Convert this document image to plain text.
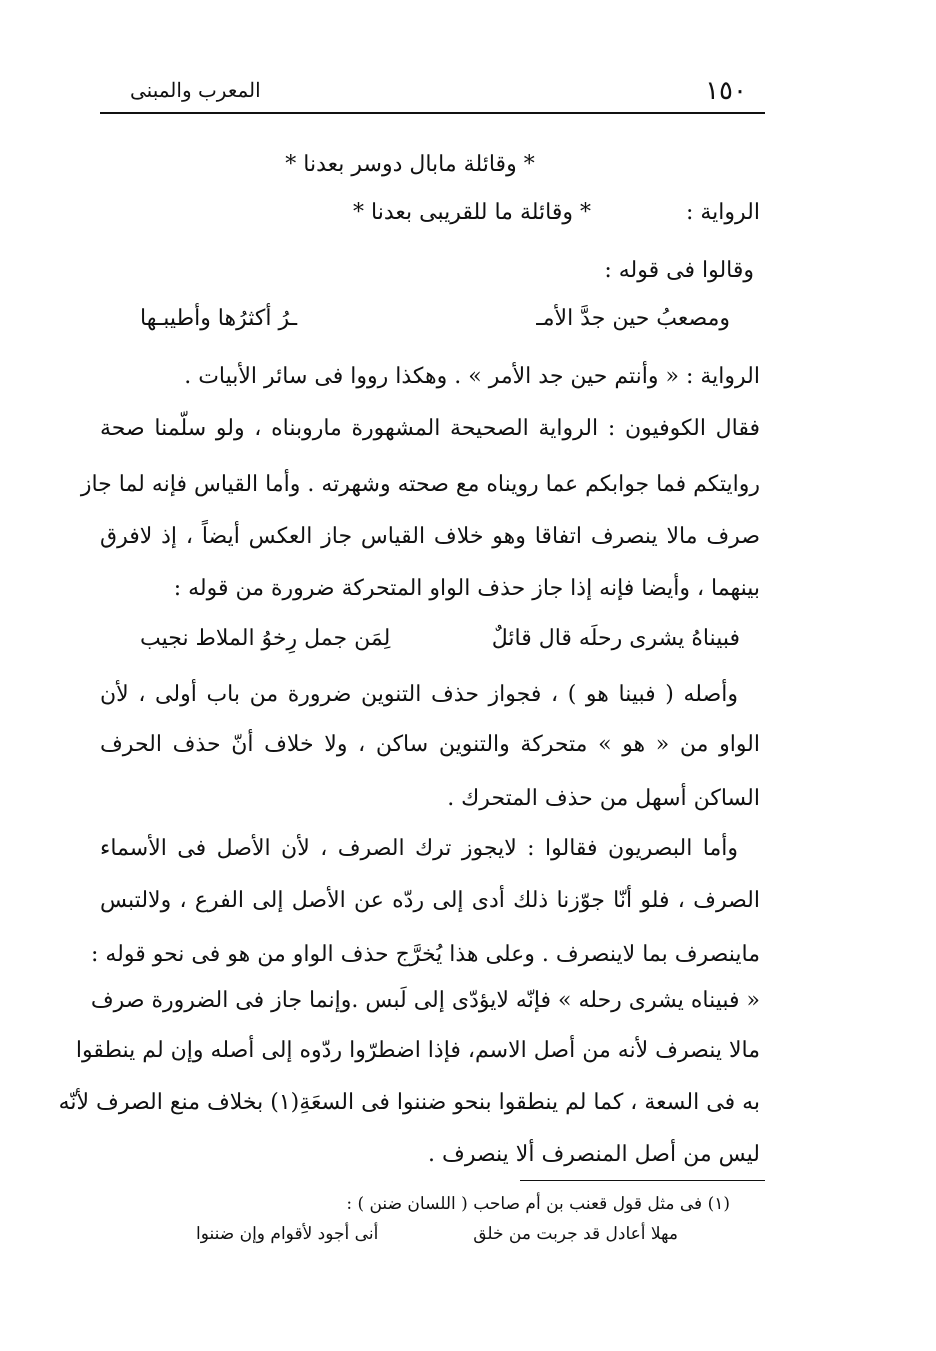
١٥٠
المعرب والمبنى
* وقائلة مابال دوسر بعدنا *
الرواية :
* وقائلة ما للقريبى بعدنا *
وقالوا فى قوله :
ومصعبُ حين جدَّ الأمـ
ـرُ أكثرُها وأطيبـها
الرواية : « وأنتم حين جد الأمر » . وهكذا رووا فى سائر الأبيات .
فقال الكوفيون : الرواية الصحيحة المشهورة ماروبناه ، ولو سلّمنا صحة
روايتكم فما جوابكم عما رويناه مع صحته وشهرته . وأما القياس فإنه لما جاز
صرف مالا ينصرف اتفاقا وهو خلاف القياس جاز العكس أيضاً ، إذ لافرق
بينهما ، وأيضا فإنه إذا جاز حذف الواو المتحركة ضرورة من قوله :
فبيناهُ يشرى رحلَه قال قائلٌ
لِمَن جمل رِخوُ الملاط نجيب
وأصله ( فبينا هو ) ، فجواز حذف التنوين ضرورة من باب أولى ، لأن
الواو من « هو » متحركة والتنوين ساكن ، ولا خلاف أنّ حذف الحرف
الساكن أسهل من حذف المتحرك .
وأما البصريون فقالوا : لايجوز ترك الصرف ، لأن الأصل فى الأسماء
الصرف ، فلو أنّا جوّزنا ذلك أدى إلى ردّه عن الأصل إلى الفرع ، ولالتبس
ماينصرف بما لاينصرف . وعلى هذا يُخرَّج حذف الواو من هو فى نحو قوله :
« فبيناه يشرى رحله » فإنّه لايؤدّى إلى لَبس .وإنما جاز فى الضرورة صرف
مالا ينصرف لأنه من أصل الاسم، فإذا اضطرّوا ردّوه إلى أصله وإن لم ينطقوا
به فى السعة ، كما لم ينطقوا بنحو ضننوا فى السعَةِ(١) بخلاف منع الصرف لأنّه
ليس من أصل المنصرف ألا ينصرف .
(١) فى مثل قول قعنب بن أم صاحب ( اللسان ضنن ) :
مهلا أعادل قد جربت من خلق
أنى أجود لأقوام وإن ضننوا
